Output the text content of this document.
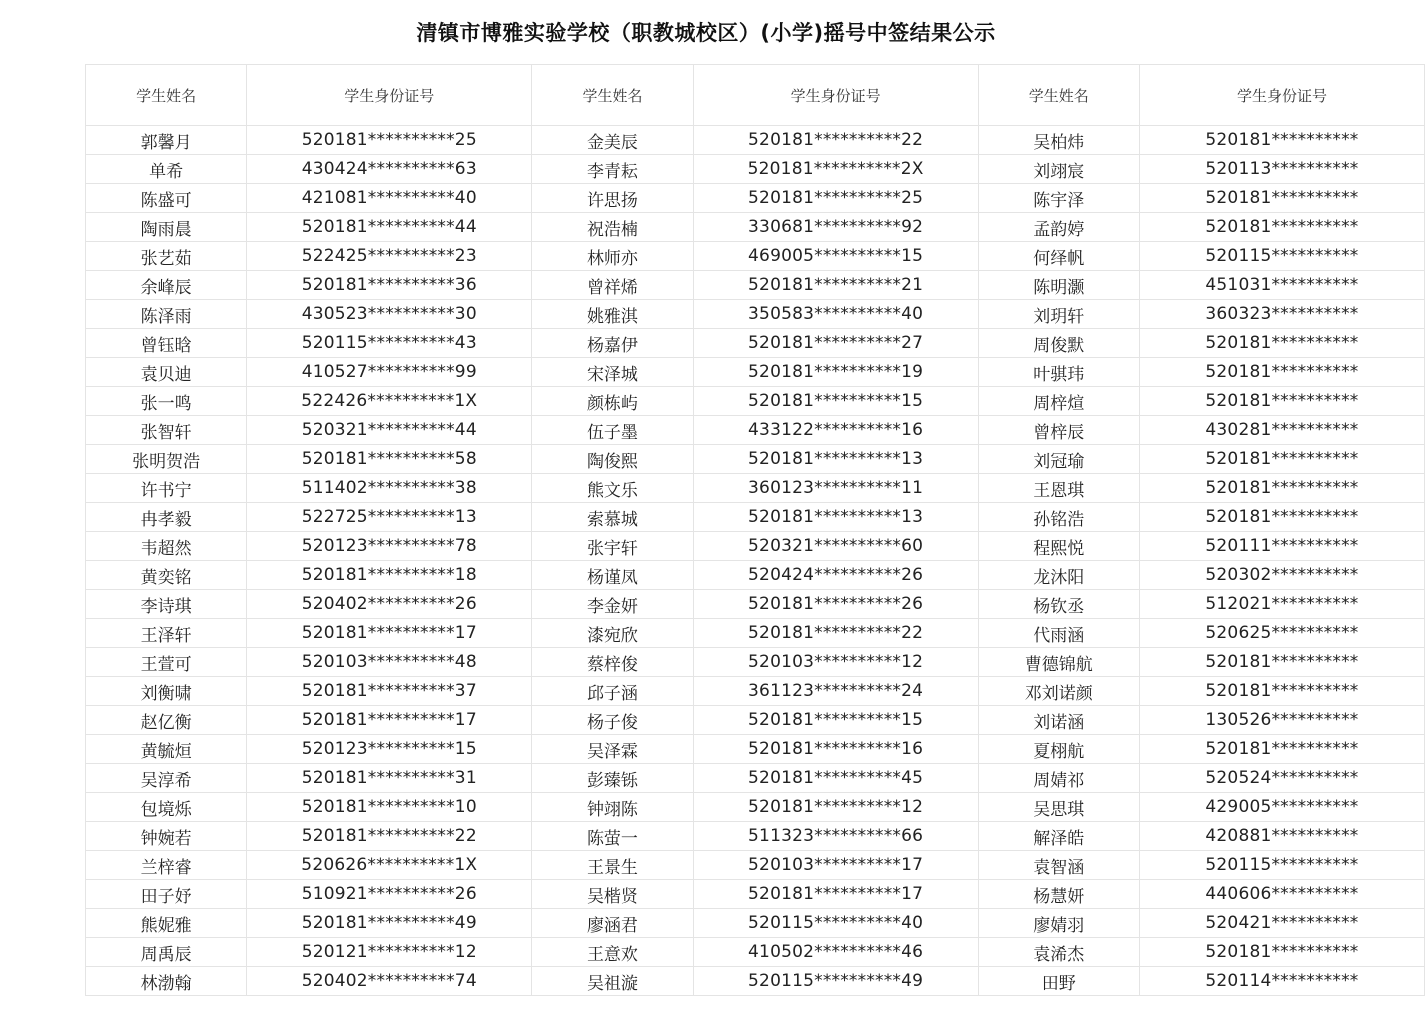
清镇市博雅实验学校（职教城校区）(小学)摇号中签结果公示
学生姓名	学生身份证号	学生姓名	学生身份证号	学生姓名	学生身份证号
郭馨月	520181**********25	金美辰	520181**********22	吴柏炜	520181**********
单希	430424**********63	李青耘	520181**********2X	刘翊宸	520113**********
陈盛可	421081**********40	许思扬	520181**********25	陈宇泽	520181**********
陶雨晨	520181**********44	祝浩楠	330681**********92	孟韵婷	520181**********
张艺茹	522425**********23	林师亦	469005**********15	何绎帆	520115**********
余峰辰	520181**********36	曾祥烯	520181**********21	陈明灏	451031**********
陈泽雨	430523**********30	姚雅淇	350583**********40	刘玥轩	360323**********
曾钰晗	520115**********43	杨嘉伊	520181**********27	周俊默	520181**********
袁贝迪	410527**********99	宋泽城	520181**********19	叶骐玮	520181**********
张一鸣	522426**********1X	颜栋屿	520181**********15	周梓煊	520181**********
张智轩	520321**********44	伍子墨	433122**********16	曾梓辰	430281**********
张明贺浩	520181**********58	陶俊熙	520181**********13	刘冠瑜	520181**********
许书宁	511402**********38	熊文乐	360123**********11	王恩琪	520181**********
冉孝毅	522725**********13	索慕城	520181**********13	孙铭浩	520181**********
韦超然	520123**********78	张宇轩	520321**********60	程熙悦	520111**********
黄奕铭	520181**********18	杨谨凤	520424**********26	龙沐阳	520302**********
李诗琪	520402**********26	李金妍	520181**********26	杨钦丞	512021**********
王泽轩	520181**********17	漆宛欣	520181**********22	代雨涵	520625**********
王萱可	520103**********48	蔡梓俊	520103**********12	曹德锦航	520181**********
刘衡啸	520181**********37	邱子涵	361123**********24	邓刘诺颜	520181**********
赵亿衡	520181**********17	杨子俊	520181**********15	刘诺涵	130526**********
黄毓烜	520123**********15	吴泽霖	520181**********16	夏栩航	520181**********
吴淳希	520181**********31	彭臻铄	520181**********45	周婧祁	520524**********
包境烁	520181**********10	钟翊陈	520181**********12	吴思琪	429005**********
钟婉若	520181**********22	陈萤一	511323**********66	解泽皓	420881**********
兰梓睿	520626**********1X	王景生	520103**********17	袁智涵	520115**********
田子妤	510921**********26	吴楷贤	520181**********17	杨慧妍	440606**********
熊妮雅	520181**********49	廖涵君	520115**********40	廖婧羽	520421**********
周禹辰	520121**********12	王意欢	410502**********46	袁浠杰	520181**********
林渤翰	520402**********74	吴祖漩	520115**********49	田野	520114**********
